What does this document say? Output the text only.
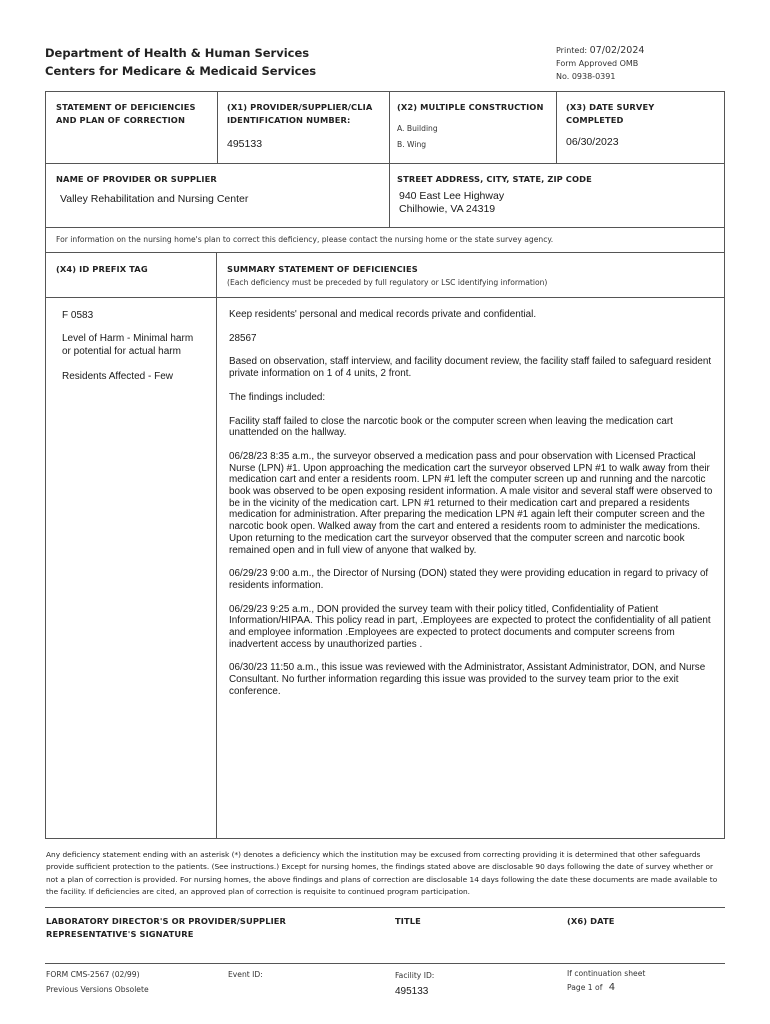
Department of Health & Human Services
Centers for Medicare & Medicaid Services
Printed: 07/02/2024
Form Approved OMB
No. 0938-0391
STATEMENT OF DEFICIENCIES
AND PLAN OF CORRECTION
(X1) PROVIDER/SUPPLIER/CLIA
IDENTIFICATION NUMBER:
495133
(X2) MULTIPLE CONSTRUCTION
A. Building
B. Wing
(X3) DATE SURVEY
COMPLETED
06/30/2023
NAME OF PROVIDER OR SUPPLIER
Valley Rehabilitation and Nursing Center
STREET ADDRESS, CITY, STATE, ZIP CODE
940 East Lee Highway
Chilhowie, VA 24319
For information on the nursing home's plan to correct this deficiency, please contact the nursing home or the state survey agency.
(X4) ID PREFIX TAG	SUMMARY STATEMENT OF DEFICIENCIES
(Each deficiency must be preceded by full regulatory or LSC identifying information)
F 0583
Level of Harm - Minimal harm
or potential for actual harm
Residents Affected - Few

Keep residents' personal and medical records private and confidential.

28567

Based on observation, staff interview, and facility document review, the facility staff failed to safeguard resident private information on 1 of 4 units, 2 front.

The findings included:

Facility staff failed to close the narcotic book or the computer screen when leaving the medication cart unattended on the hallway.

06/28/23 8:35 a.m., the surveyor observed a medication pass and pour observation with Licensed Practical Nurse (LPN) #1. Upon approaching the medication cart the surveyor observed LPN #1 to walk away from their medication cart and enter a residents room. LPN #1 left the computer screen up and running and the narcotic book was observed to be open exposing resident information. A male visitor and several staff were observed to be in the vicinity of the medication cart. LPN #1 returned to their medication cart and prepared a residents medication for administration. After preparing the medication LPN #1 again left their computer screen and the narcotic book open. Walked away from the cart and entered a residents room to administer the medications. Upon returning to the medication cart the surveyor observed that the computer screen and narcotic book remained open and in full view of anyone that walked by.

06/29/23 9:00 a.m., the Director of Nursing (DON) stated they were providing education in regard to privacy of residents information.

06/29/23 9:25 a.m., DON provided the survey team with their policy titled, Confidentiality of Patient Information/HIPAA. This policy read in part, .Employees are expected to protect the confidentiality of all patient and employee information .Employees are expected to protect documents and computer screens from inadvertent access by unauthorized parties .

06/30/23 11:50 a.m., this issue was reviewed with the Administrator, Assistant Administrator, DON, and Nurse Consultant. No further information regarding this issue was provided to the survey team prior to the exit conference.

Any deficiency statement ending with an asterisk (*) denotes a deficiency which the institution may be excused from correcting providing it is determined that other safeguards provide sufficient protection to the patients. (See instructions.) Except for nursing homes, the findings stated above are disclosable 90 days following the date of survey whether or not a plan of correction is provided. For nursing homes, the above findings and plans of correction are disclosable 14 days following the date these documents are made available to the facility. If deficiencies are cited, an approved plan of correction is requisite to continued program participation.
LABORATORY DIRECTOR'S OR PROVIDER/SUPPLIER
REPRESENTATIVE'S SIGNATURE
TITLE	(X6) DATE
FORM CMS-2567 (02/99)
Previous Versions Obsolete
Event ID:	Facility ID:
495133
If continuation sheet
Page 1 of 4
